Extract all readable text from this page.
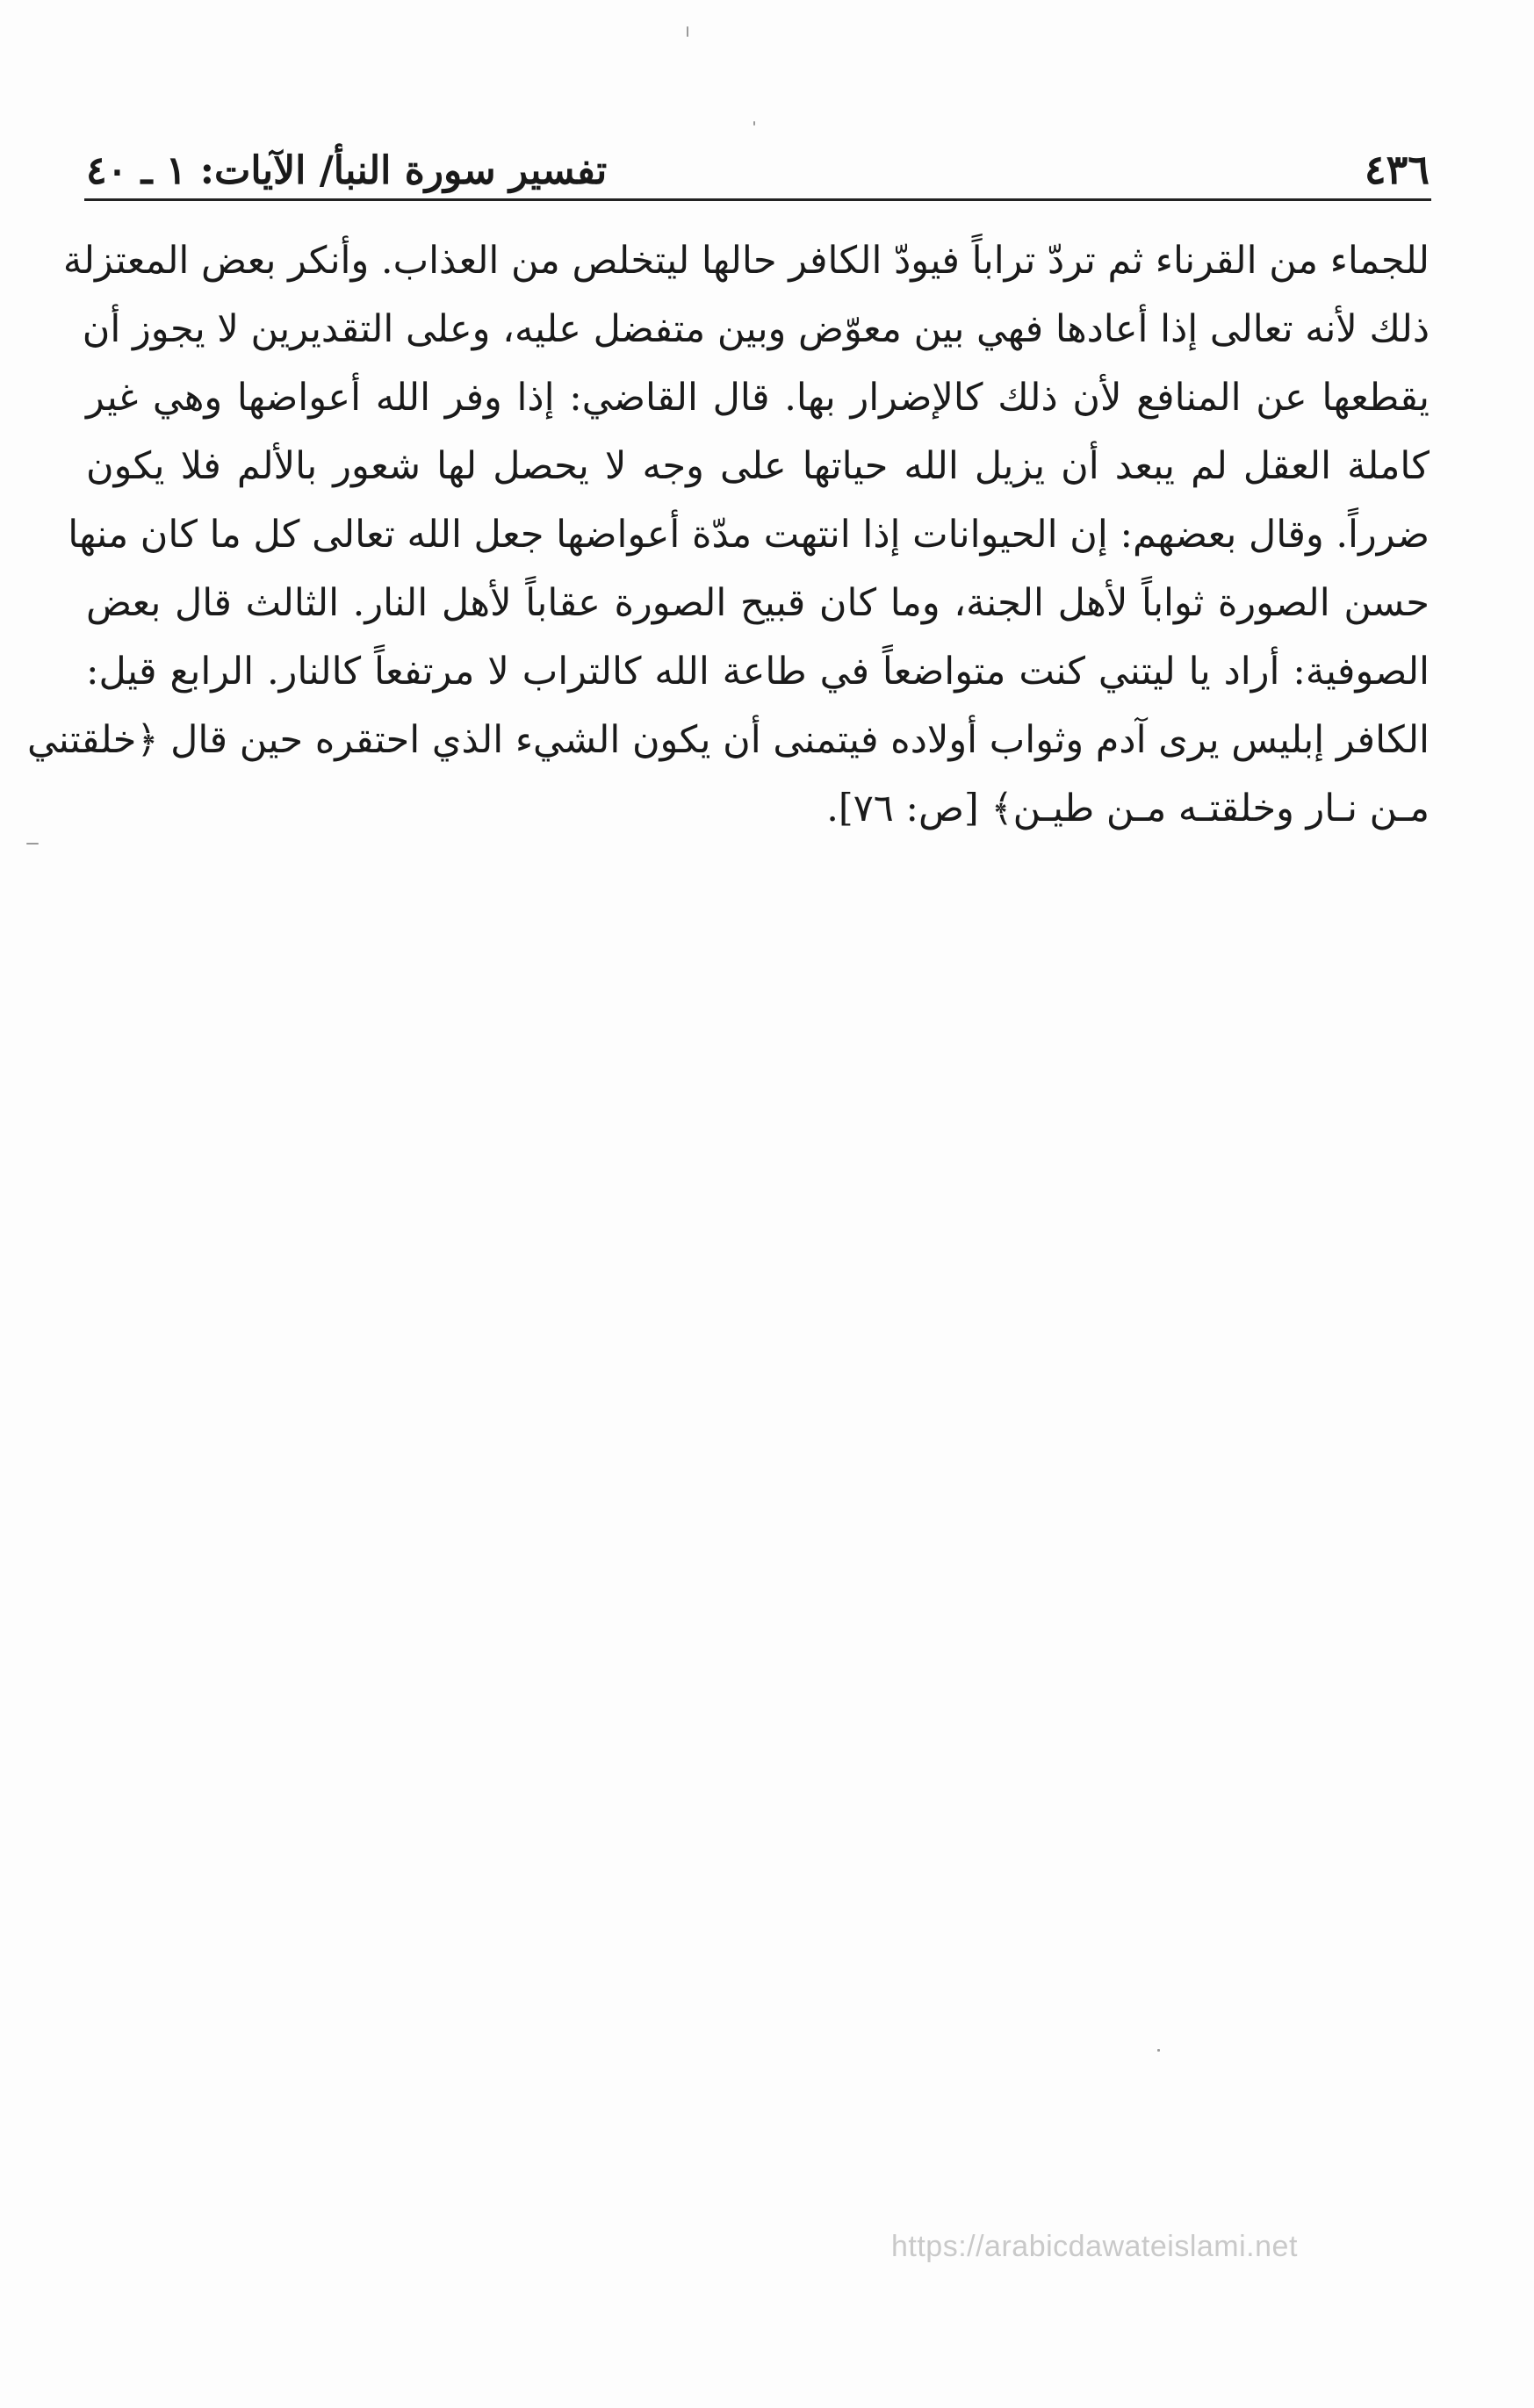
٤٣٦
تفسير سورة النبأ/ الآيات: ١ ـ ٤٠
للجماء من القرناء ثم تردّ تراباً فيودّ الكافر حالها ليتخلص من العذاب. وأنكر بعض المعتزلة
ذلك لأنه تعالى إذا أعادها فهي بين معوّض وبين متفضل عليه، وعلى التقديرين لا يجوز أن
يقطعها عن المنافع لأن ذلك كالإضرار بها. قال القاضي: إذا وفر الله أعواضها وهي غير
كاملة العقل لم يبعد أن يزيل الله حياتها على وجه لا يحصل لها شعور بالألم فلا يكون
ضرراً. وقال بعضهم: إن الحيوانات إذا انتهت مدّة أعواضها جعل الله تعالى كل ما كان منها
حسن الصورة ثواباً لأهل الجنة، وما كان قبيح الصورة عقاباً لأهل النار. الثالث قال بعض
الصوفية: أراد يا ليتني كنت متواضعاً في طاعة الله كالتراب لا مرتفعاً كالنار. الرابع قيل:
الكافر إبليس يرى آدم وثواب أولاده فيتمنى أن يكون الشيء الذي احتقره حين قال ﴿خلقتني
مـن نـار وخلقتـه مـن طيـن﴾ [ص: ٧٦].
https://arabicdawateislami.net
